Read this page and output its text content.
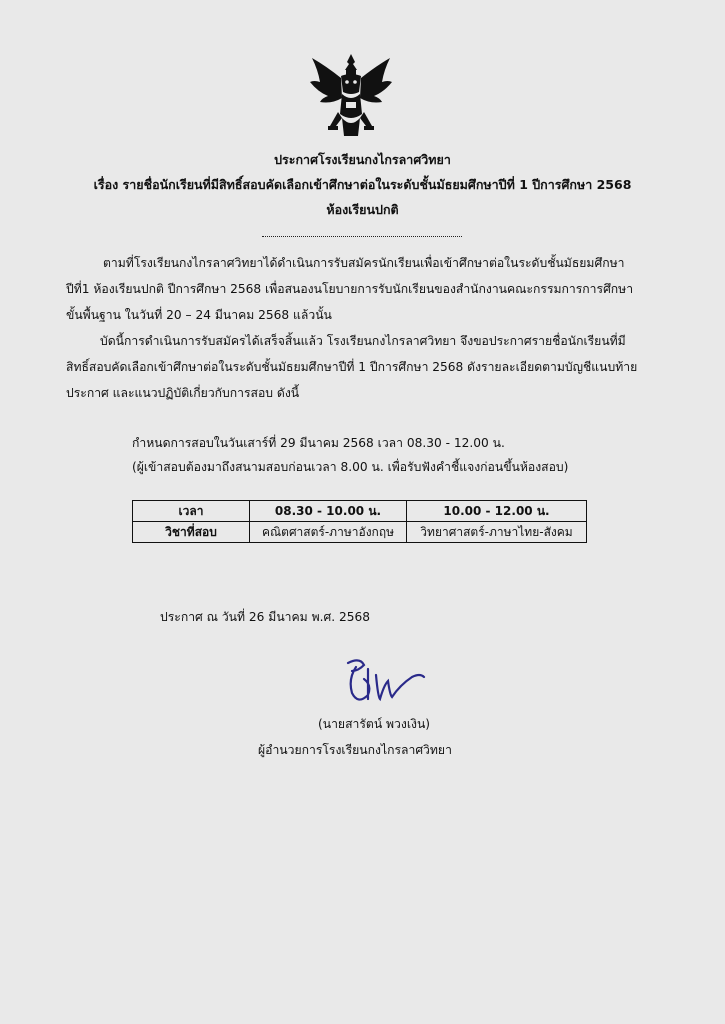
ประกาศโรงเรียนกงไกรลาศวิทยา
เรื่อง รายชื่อนักเรียนที่มีสิทธิ์สอบคัดเลือกเข้าศึกษาต่อในระดับชั้นมัธยมศึกษาปีที่ 1 ปีการศึกษา 2568
ห้องเรียนปกติ
ตามที่โรงเรียนกงไกรลาศวิทยาได้ดำเนินการรับสมัครนักเรียนเพื่อเข้าศึกษาต่อในระดับชั้นมัธยมศึกษา
ปีที่1 ห้องเรียนปกติ ปีการศึกษา 2568 เพื่อสนองนโยบายการรับนักเรียนของสำนักงานคณะกรรมการการศึกษา
ขั้นพื้นฐาน ในวันที่ 20 – 24 มีนาคม 2568 แล้วนั้น
บัดนี้การดำเนินการรับสมัครได้เสร็จสิ้นแล้ว โรงเรียนกงไกรลาศวิทยา จึงขอประกาศรายชื่อนักเรียนที่มี
สิทธิ์สอบคัดเลือกเข้าศึกษาต่อในระดับชั้นมัธยมศึกษาปีที่ 1 ปีการศึกษา 2568 ดังรายละเอียดตามบัญชีแนบท้าย
ประกาศ และแนวปฏิบัติเกี่ยวกับการสอบ ดังนี้
กำหนดการสอบในวันเสาร์ที่ 29 มีนาคม 2568 เวลา 08.30 - 12.00 น.
(ผู้เข้าสอบต้องมาถึงสนามสอบก่อนเวลา 8.00 น. เพื่อรับฟังคำชี้แจงก่อนขึ้นห้องสอบ)
เวลา	08.30 - 10.00 น.	10.00 - 12.00 น.
วิชาที่สอบ	คณิตศาสตร์-ภาษาอังกฤษ	วิทยาศาสตร์-ภาษาไทย-สังคม
ประกาศ ณ วันที่ 26 มีนาคม พ.ศ. 2568
(นายสารัตน์ พวงเงิน)
ผู้อำนวยการโรงเรียนกงไกรลาศวิทยา
